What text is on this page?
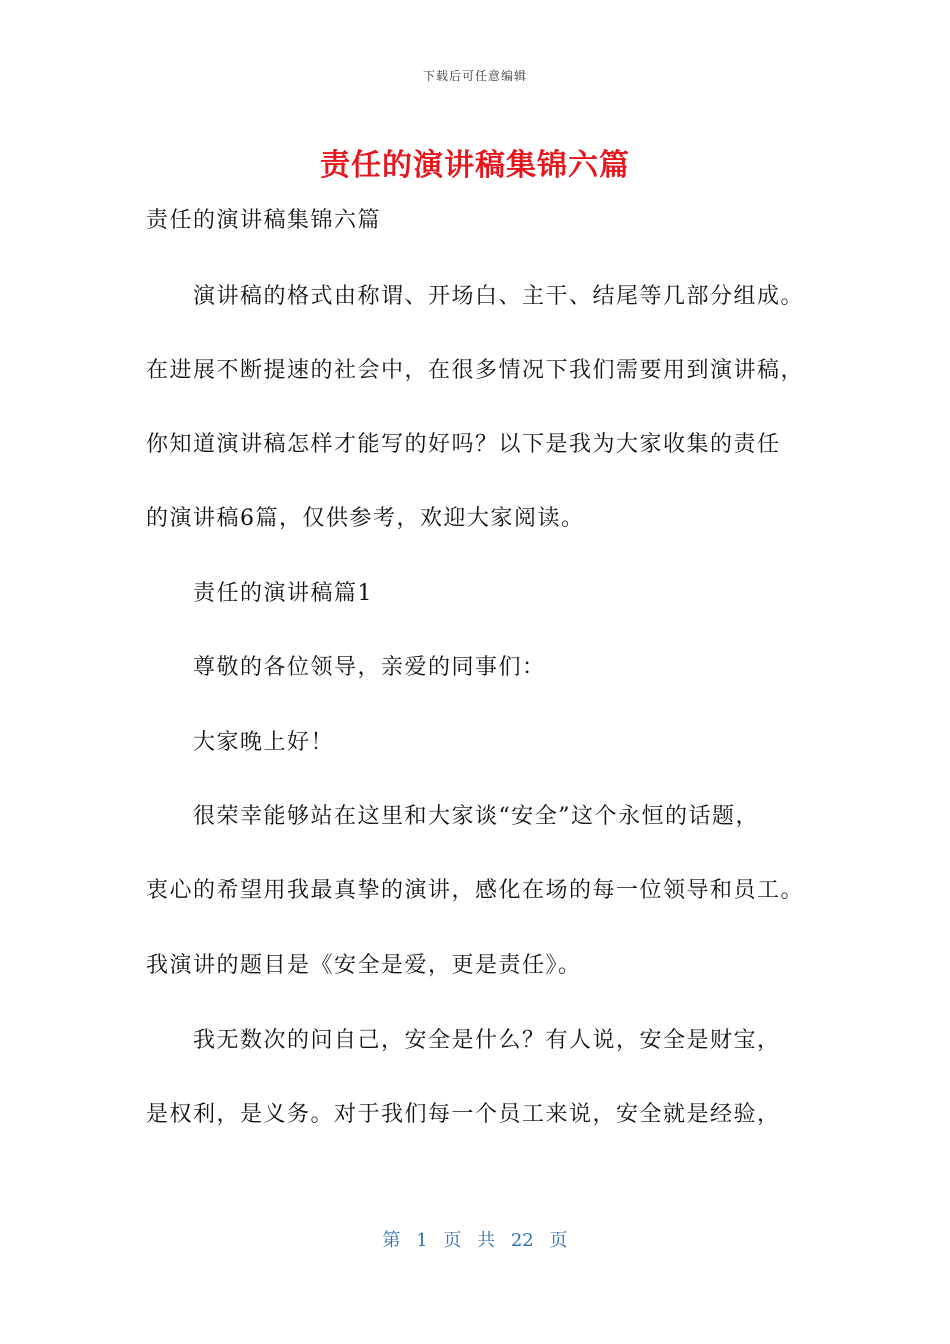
下载后可任意编辑
责任的演讲稿集锦六篇
责任的演讲稿集锦六篇
演讲稿的格式由称谓、开场白、主干、结尾等几部分组成。
在进展不断提速的社会中，在很多情况下我们需要用到演讲稿，
你知道演讲稿怎样才能写的好吗？以下是我为大家收集的责任
的演讲稿6篇，仅供参考，欢迎大家阅读。
责任的演讲稿篇1
尊敬的各位领导，亲爱的同事们：
大家晚上好！
很荣幸能够站在这里和大家谈“安全”这个永恒的话题，
衷心的希望用我最真挚的演讲，感化在场的每一位领导和员工。
我演讲的题目是《安全是爱，更是责任》。
我无数次的问自己，安全是什么？有人说，安全是财宝，
是权利，是义务。对于我们每一个员工来说，安全就是经验，
第 1 页 共 22 页
